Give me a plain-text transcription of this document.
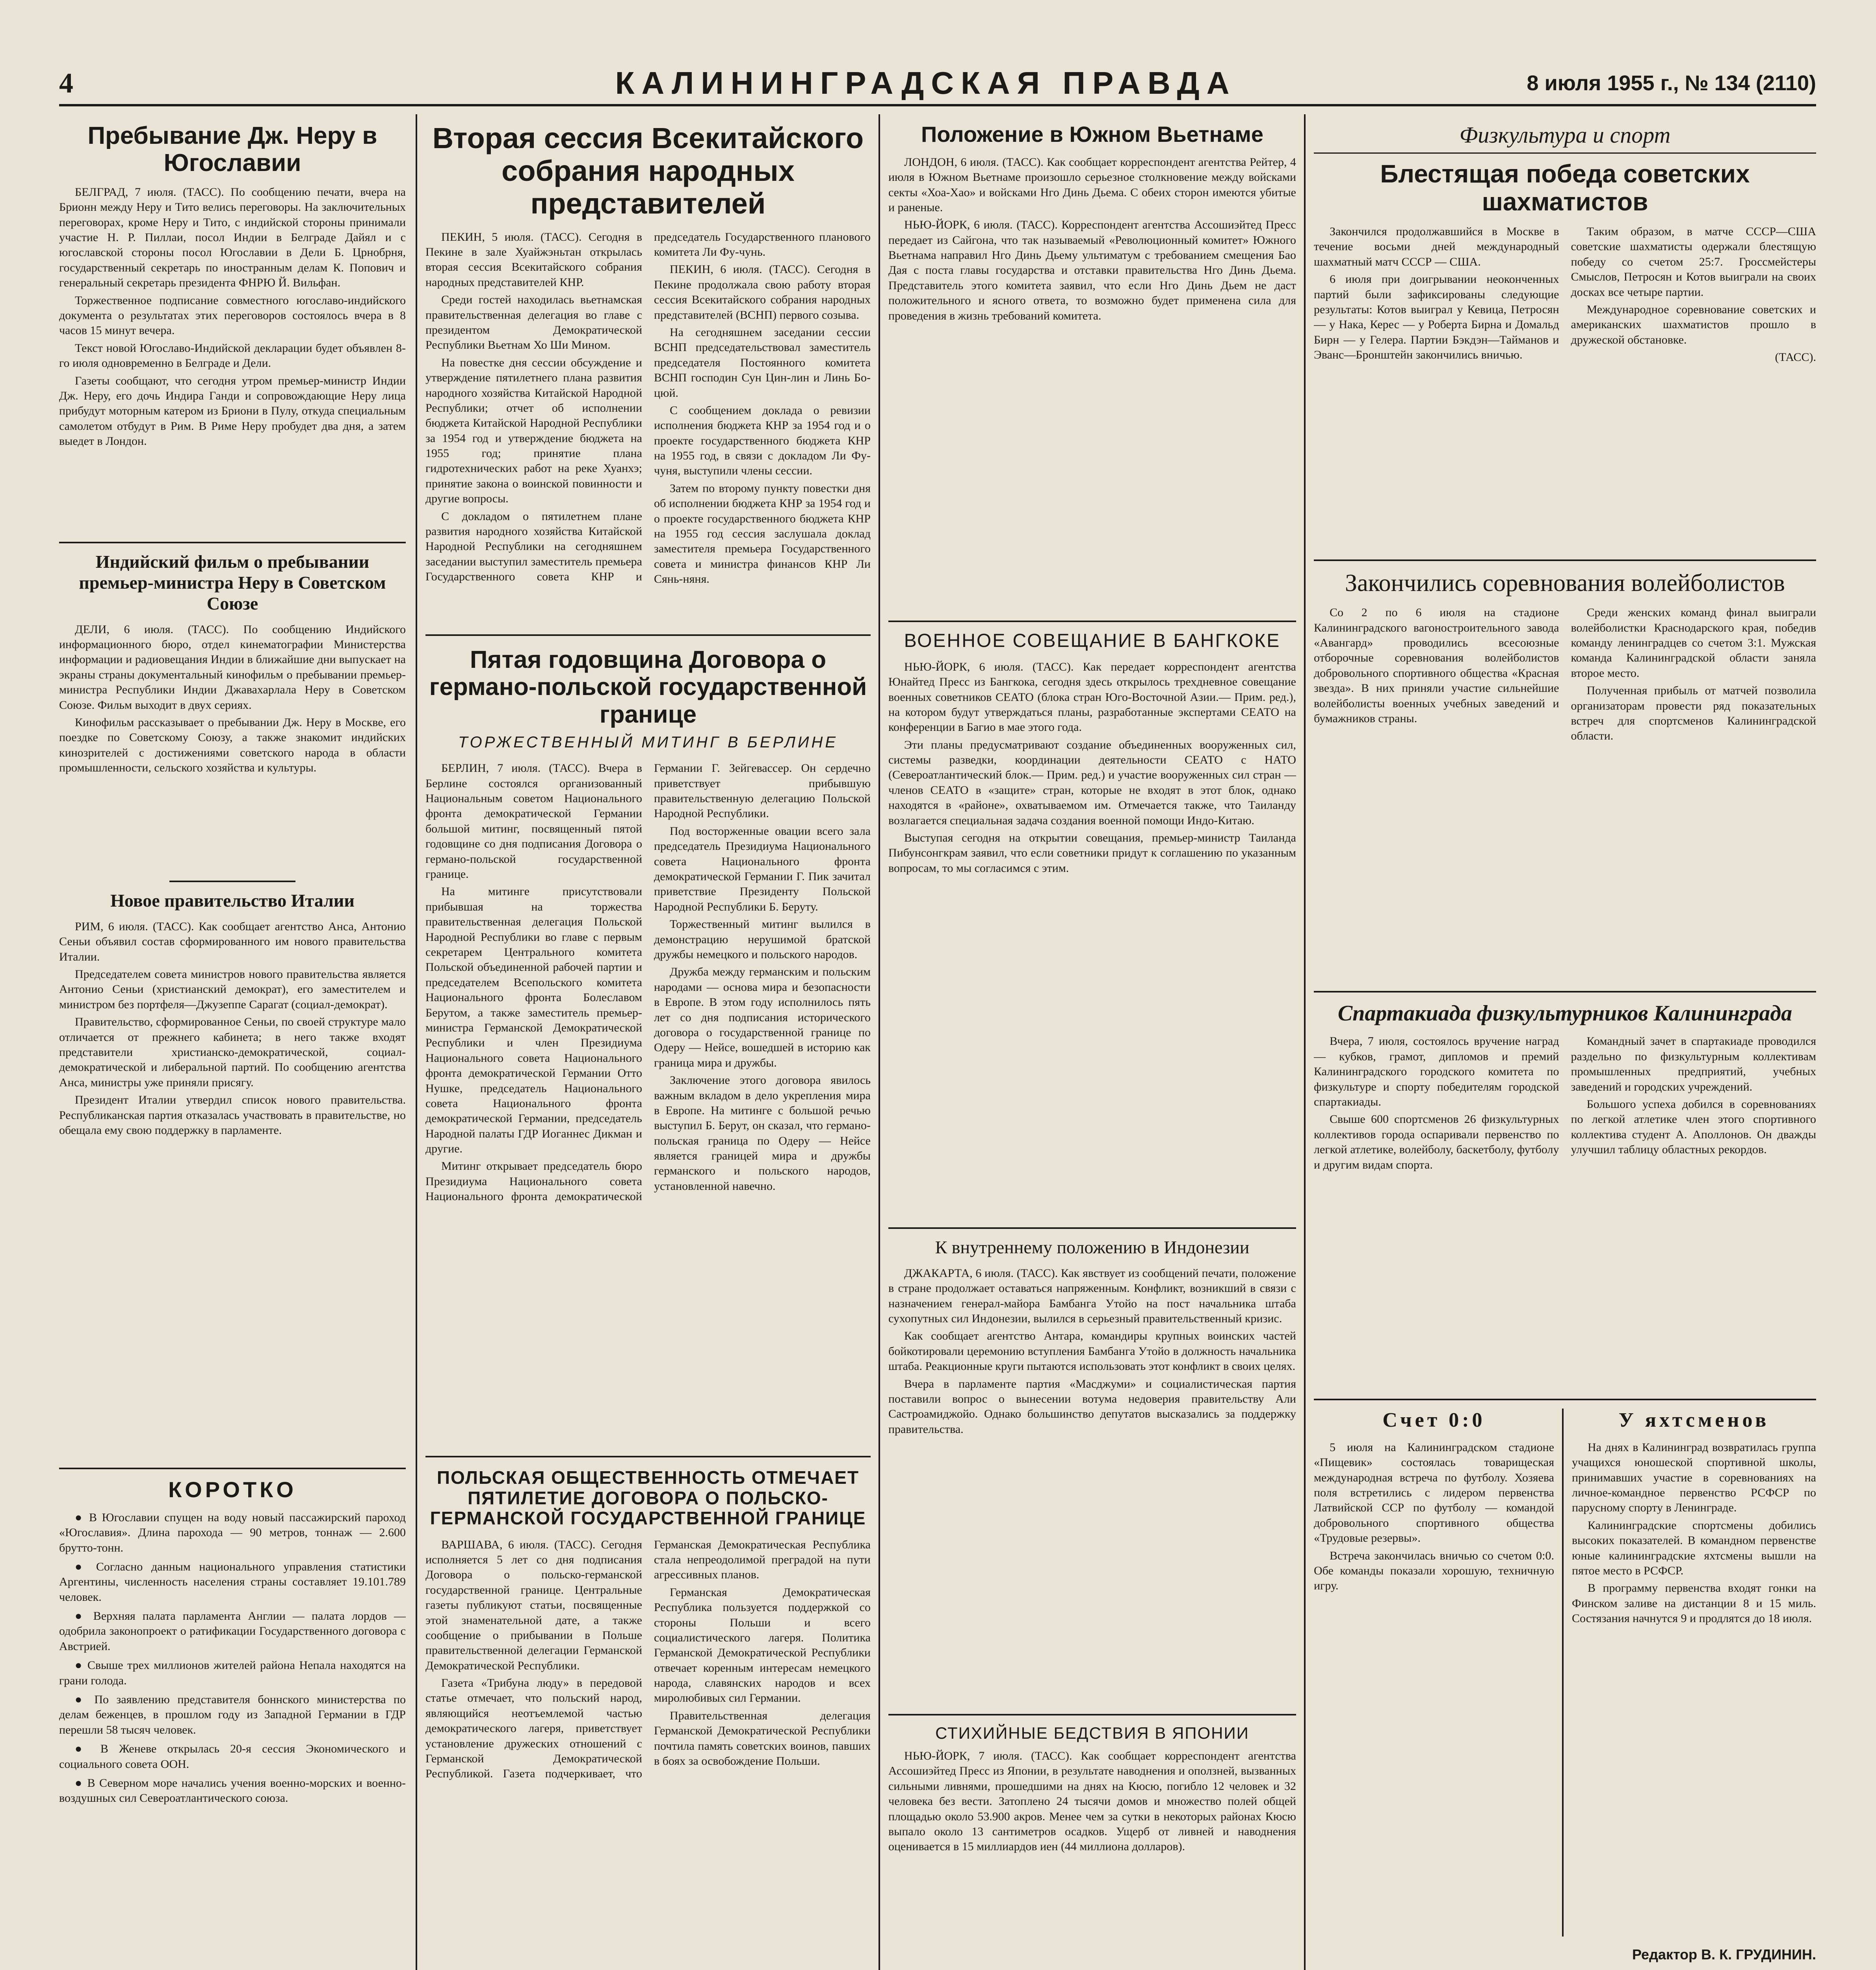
4	КАЛИНИНГРАДСКАЯ ПРАВДА	8 июля 1955 г., № 134 (2110)
Пребывание Дж. Неру в Югославии

БЕЛГРАД, 7 июля. (ТАСС). По сообщению печати, вчера на Брионн между Неру и Тито велись переговоры. На заключительных переговорах, кроме Неру и Тито, с индийской стороны принимали участие Н. Р. Пиллаи, посол Индии в Белграде Дайял и с югославской стороны посол Югославии в Дели Б. Црнобрня, государственный секретарь по иностранным делам К. Попович и генеральный секретарь президента ФНРЮ Й. Вильфан.

Торжественное подписание совместного югославо-индийского документа о результатах этих переговоров состоялось вчера в 8 часов 15 минут вечера.

Текст новой Югославо-Индийской декларации будет объявлен 8-го июля одновременно в Белграде и Дели.

Газеты сообщают, что сегодня утром премьер-министр Индии Дж. Неру, его дочь Индира Ганди и сопровождающие Неру лица прибудут моторным катером из Бриони в Пулу, откуда специальным самолетом отбудут в Рим. В Риме Неру пробудет два дня, а затем выедет в Лондон.

Индийский фильм о пребывании премьер-министра Неру в Советском Союзе

ДЕЛИ, 6 июля. (ТАСС). По сообщению Индийского информационного бюро, отдел кинематографии Министерства информации и радиовещания Индии в ближайшие дни выпускает на экраны страны документальный кинофильм о пребывании премьер-министра Республики Индии Джавахарлала Неру в Советском Союзе. Фильм выходит в двух сериях.

Кинофильм рассказывает о пребывании Дж. Неру в Москве, его поездке по Советскому Союзу, а также знакомит индийских кинозрителей с достижениями советского народа в области промышленности, сельского хозяйства и культуры.

Новое правительство Италии

РИМ, 6 июля. (ТАСС). Как сообщает агентство Анса, Антонио Сеньи объявил состав сформированного им нового правительства Италии.

Председателем совета министров нового правительства является Антонио Сеньи (христианский демократ), его заместителем и министром без портфеля—Джузеппе Сарагат (социал-демократ).

Правительство, сформированное Сеньи, по своей структуре мало отличается от прежнего кабинета; в него также входят представители христианско-демократической, социал-демократической и либеральной партий. По сообщению агентства Анса, министры уже приняли присягу.

Президент Италии утвердил список нового правительства. Республиканская партия отказалась участвовать в правительстве, но обещала ему свою поддержку в парламенте.

КОРОТКО
● В Югославии спущен на воду новый пассажирский пароход «Югославия». Длина парохода — 90 метров, тоннаж — 2.600 брутто-тонн.
● Согласно данным национального управления статистики Аргентины, численность населения страны составляет 19.101.789 человек.
● Верхняя палата парламента Англии — палата лордов — одобрила законопроект о ратификации Государственного договора с Австрией.
● Свыше трех миллионов жителей района Непала находятся на грани голода.
● По заявлению представителя боннского министерства по делам беженцев, в прошлом году из Западной Германии в ГДР перешли 58 тысяч человек.
● В Женеве открылась 20-я сессия Экономического и социального совета ООН.
● В Северном море начались учения военно-морских и военно-воздушных сил Североатлантического союза.
Вторая сессия Всекитайского собрания народных представителей

ПЕКИН, 5 июля. (ТАСС). Сегодня в Пекине в зале Хуайжэньтан открылась вторая сессия Всекитайского собрания народных представителей КНР.

Среди гостей находилась вьетнамская правительственная делегация во главе с президентом Демократической Республики Вьетнам Хо Ши Мином.

На повестке дня сессии обсуждение и утверждение пятилетнего плана развития народного хозяйства Китайской Народной Республики; отчет об исполнении бюджета Китайской Народной Республики за 1954 год и утверждение бюджета на 1955 год; принятие плана гидротехнических работ на реке Хуанхэ; принятие закона о воинской повинности и другие вопросы.

С докладом о пятилетнем плане развития народного хозяйства Китайской Народной Республики на сегодняшнем заседании выступил заместитель премьера Государственного совета КНР и председатель Государственного планового комитета Ли Фу-чунь.

ПЕКИН, 6 июля. (ТАСС). Сегодня в Пекине продолжала свою работу вторая сессия Всекитайского собрания народных представителей (ВСНП) первого созыва.

На сегодняшнем заседании сессии ВСНП председательствовал заместитель председателя Постоянного комитета ВСНП господин Сун Цин-лин и Линь Бо-цюй.

С сообщением доклада о ревизии исполнения бюджета КНР за 1954 год и о проекте государственного бюджета КНР на 1955 год, в связи с докладом Ли Фу-чуня, выступили члены сессии.

Затем по второму пункту повестки дня об исполнении бюджета КНР за 1954 год и о проекте государственного бюджета КНР на 1955 год сессия заслушала доклад заместителя премьера Государственного совета и министра финансов КНР Ли Сянь-няня.

Пятая годовщина Договора о германо-польской государственной границе
ТОРЖЕСТВЕННЫЙ МИТИНГ В БЕРЛИНЕ

БЕРЛИН, 7 июля. (ТАСС). Вчера в Берлине состоялся организованный Национальным советом Национального фронта демократической Германии большой митинг, посвященный пятой годовщине со дня подписания Договора о германо-польской государственной границе.

На митинге присутствовали прибывшая на торжества правительственная делегация Польской Народной Республики во главе с первым секретарем Центрального комитета Польской объединенной рабочей партии и председателем Всепольского комитета Национального фронта Болеславом Берутом, а также заместитель премьер-министра Германской Демократической Республики и член Президиума Национального совета Национального фронта демократической Германии Отто Нушке, председатель Национального совета Национального фронта демократической Германии, председатель Народной палаты ГДР Иоганнес Дикман и другие.

Митинг открывает председатель бюро Президиума Национального совета Национального фронта демократической Германии Г. Зейгевассер. Он сердечно приветствует прибывшую правительственную делегацию Польской Народной Республики.

Под восторженные овации всего зала председатель Президиума Национального совета Национального фронта демократической Германии Г. Пик зачитал приветствие Президенту Польской Народной Республики Б. Беруту.

Торжественный митинг вылился в демонстрацию нерушимой братской дружбы немецкого и польского народов.

Дружба между германским и польским народами — основа мира и безопасности в Европе. В этом году исполнилось пять лет со дня подписания исторического договора о государственной границе по Одеру — Нейсе, вошедшей в историю как граница мира и дружбы.

Заключение этого договора явилось важным вкладом в дело укрепления мира в Европе. На митинге с большой речью выступил Б. Берут, он сказал, что германо-польская граница по Одеру — Нейсе является границей мира и дружбы германского и польского народов, установленной навечно.

ПОЛЬСКАЯ ОБЩЕСТВЕННОСТЬ ОТМЕЧАЕТ ПЯТИЛЕТИЕ ДОГОВОРА О ПОЛЬСКО-ГЕРМАНСКОЙ ГОСУДАРСТВЕННОЙ ГРАНИЦЕ

ВАРШАВА, 6 июля. (ТАСС). Сегодня исполняется 5 лет со дня подписания Договора о польско-германской государственной границе. Центральные газеты публикуют статьи, посвященные этой знаменательной дате, а также сообщение о прибывании в Польше правительственной делегации Германской Демократической Республики.

Газета «Трибуна люду» в передовой статье отмечает, что польский народ, являющийся неотъемлемой частью демократического лагеря, приветствует установление дружеских отношений с Германской Демократической Республикой. Газета подчеркивает, что Германская Демократическая Республика стала непреодолимой преградой на пути агрессивных планов.

Германская Демократическая Республика пользуется поддержкой со стороны Польши и всего социалистического лагеря. Политика Германской Демократической Республики отвечает коренным интересам немецкого народа, славянских народов и всех миролюбивых сил Германии.

Правительственная делегация Германской Демократической Республики почтила память советских воинов, павших в боях за освобождение Польши.

Положение в Южном Вьетнаме

ЛОНДОН, 6 июля. (ТАСС). Как сообщает корреспондент агентства Рейтер, 4 июля в Южном Вьетнаме произошло серьезное столкновение между войсками секты «Хоа-Хао» и войсками Нго Динь Дьема. С обеих сторон имеются убитые и раненые.

НЬЮ-ЙОРК, 6 июля. (ТАСС). Корреспондент агентства Ассошиэйтед Пресс передает из Сайгона, что так называемый «Революционный комитет» Южного Вьетнама направил Нго Динь Дьему ультиматум с требованием смещения Бао Дая с поста главы государства и отставки правительства Нго Динь Дьема. Представитель этого комитета заявил, что если Нго Динь Дьем не даст положительного и ясного ответа, то возможно будет применена сила для проведения в жизнь требований комитета.

ВОЕННОЕ СОВЕЩАНИЕ В БАНГКОКЕ

НЬЮ-ЙОРК, 6 июля. (ТАСС). Как передает корреспондент агентства Юнайтед Пресс из Бангкока, сегодня здесь открылось трехдневное совещание военных советников СЕАТО (блока стран Юго-Восточной Азии.— Прим. ред.), на котором будут утверждаться планы, разработанные экспертами СЕАТО на конференции в Багио в мае этого года.

Эти планы предусматривают создание объединенных вооруженных сил, системы разведки, координации деятельности СЕАТО с НАТО (Североатлантический блок.— Прим. ред.) и участие вооруженных сил стран — членов СЕАТО в «защите» стран, которые не входят в этот блок, однако находятся в «районе», охватываемом им. Отмечается также, что Таиланду возлагается специальная задача создания военной помощи Индо-Китаю.

Выступая сегодня на открытии совещания, премьер-министр Таиланда Пибунсонгкрам заявил, что если советники придут к соглашению по указанным вопросам, то мы согласимся с этим.

К внутреннему положению в Индонезии

ДЖАКАРТА, 6 июля. (ТАСС). Как явствует из сообщений печати, положение в стране продолжает оставаться напряженным. Конфликт, возникший в связи с назначением генерал-майора Бамбанга Утойо на пост начальника штаба сухопутных сил Индонезии, вылился в серьезный правительственный кризис.

Как сообщает агентство Антара, командиры крупных воинских частей бойкотировали церемонию вступления Бамбанга Утойо в должность начальника штаба. Реакционные круги пытаются использовать этот конфликт в своих целях.

Вчера в парламенте партия «Масджуми» и социалистическая партия поставили вопрос о вынесении вотума недоверия правительству Али Састроамиджойо. Однако большинство депутатов высказались за поддержку правительства.

СТИХИЙНЫЕ БЕДСТВИЯ В ЯПОНИИ

НЬЮ-ЙОРК, 7 июля. (ТАСС). Как сообщает корреспондент агентства Ассошиэйтед Пресс из Японии, в результате наводнения и оползней, вызванных сильными ливнями, прошедшими на днях на Кюсю, погибло 12 человек и 32 человека без вести. Затоплено 24 тысячи домов и множество полей общей площадью около 53.900 акров. Менее чем за сутки в некоторых районах Кюсю выпало около 13 сантиметров осадков. Ущерб от ливней и наводнения оценивается в 15 миллиардов иен (44 миллиона долларов).

Физкультура и спорт
Блестящая победа советских шахматистов

Закончился продолжавшийся в Москве в течение восьми дней международный шахматный матч СССР — США.

6 июля при доигрывании неоконченных партий были зафиксированы следующие результаты: Котов выиграл у Кевица, Петросян — у Нака, Керес — у Роберта Бирна и Домальд Бирн — у Гелера. Партии Бэкдэн—Тайманов и Эванс—Бронштейн закончились вничью.

Таким образом, в матче СССР—США советские шахматисты одержали блестящую победу со счетом 25:7. Гроссмейстеры Смыслов, Петросян и Котов выиграли на своих досках все четыре партии.

Международное соревнование советских и американских шахматистов прошло в дружеской обстановке.

(ТАСС).

Закончились соревнования волейболистов

Со 2 по 6 июля на стадионе Калининградского вагоностроительного завода «Авангард» проводились всесоюзные отборочные соревнования волейболистов добровольного спортивного общества «Красная звезда». В них приняли участие сильнейшие волейболисты военных учебных заведений и бумажников страны.

Среди женских команд финал выиграли волейболистки Краснодарского края, победив команду ленинградцев со счетом 3:1. Мужская команда Калининградской области заняла второе место.

Полученная прибыль от матчей позволила организаторам провести ряд показательных встреч для спортсменов Калининградской области.

Спартакиада физкультурников Калининграда

Вчера, 7 июля, состоялось вручение наград — кубков, грамот, дипломов и премий Калининградского городского комитета по физкультуре и спорту победителям городской спартакиады.

Свыше 600 спортсменов 26 физкультурных коллективов города оспаривали первенство по легкой атлетике, волейболу, баскетболу, футболу и другим видам спорта.

Командный зачет в спартакиаде проводился раздельно по физкультурным коллективам промышленных предприятий, учебных заведений и городских учреждений.

Большого успеха добился в соревнованиях по легкой атлетике член этого спортивного коллектива студент А. Аполлонов. Он дважды улучшил таблицу областных рекордов.

Счет 0:0

5 июля на Калининградском стадионе «Пищевик» состоялась товарищеская международная встреча по футболу. Хозяева поля встретились с лидером первенства Латвийской ССР по футболу — командой добровольного спортивного общества «Трудовые резервы».

Встреча закончилась вничью со счетом 0:0. Обе команды показали хорошую, техничную игру.

У яхтсменов

На днях в Калининград возвратилась группа учащихся юношеской спортивной школы, принимавших участие в соревнованиях на личное-командное первенство РСФСР по парусному спорту в Ленинграде.

Калининградские спортсмены добились высоких показателей. В командном первенстве юные калининградские яхтсмены вышли на пятое место в РСФСР.

В программу первенства входят гонки на Финском заливе на дистанции 8 и 15 миль. Состязания начнутся 9 и продлятся до 18 июля.

Редактор В. К. ГРУДИНИН.
